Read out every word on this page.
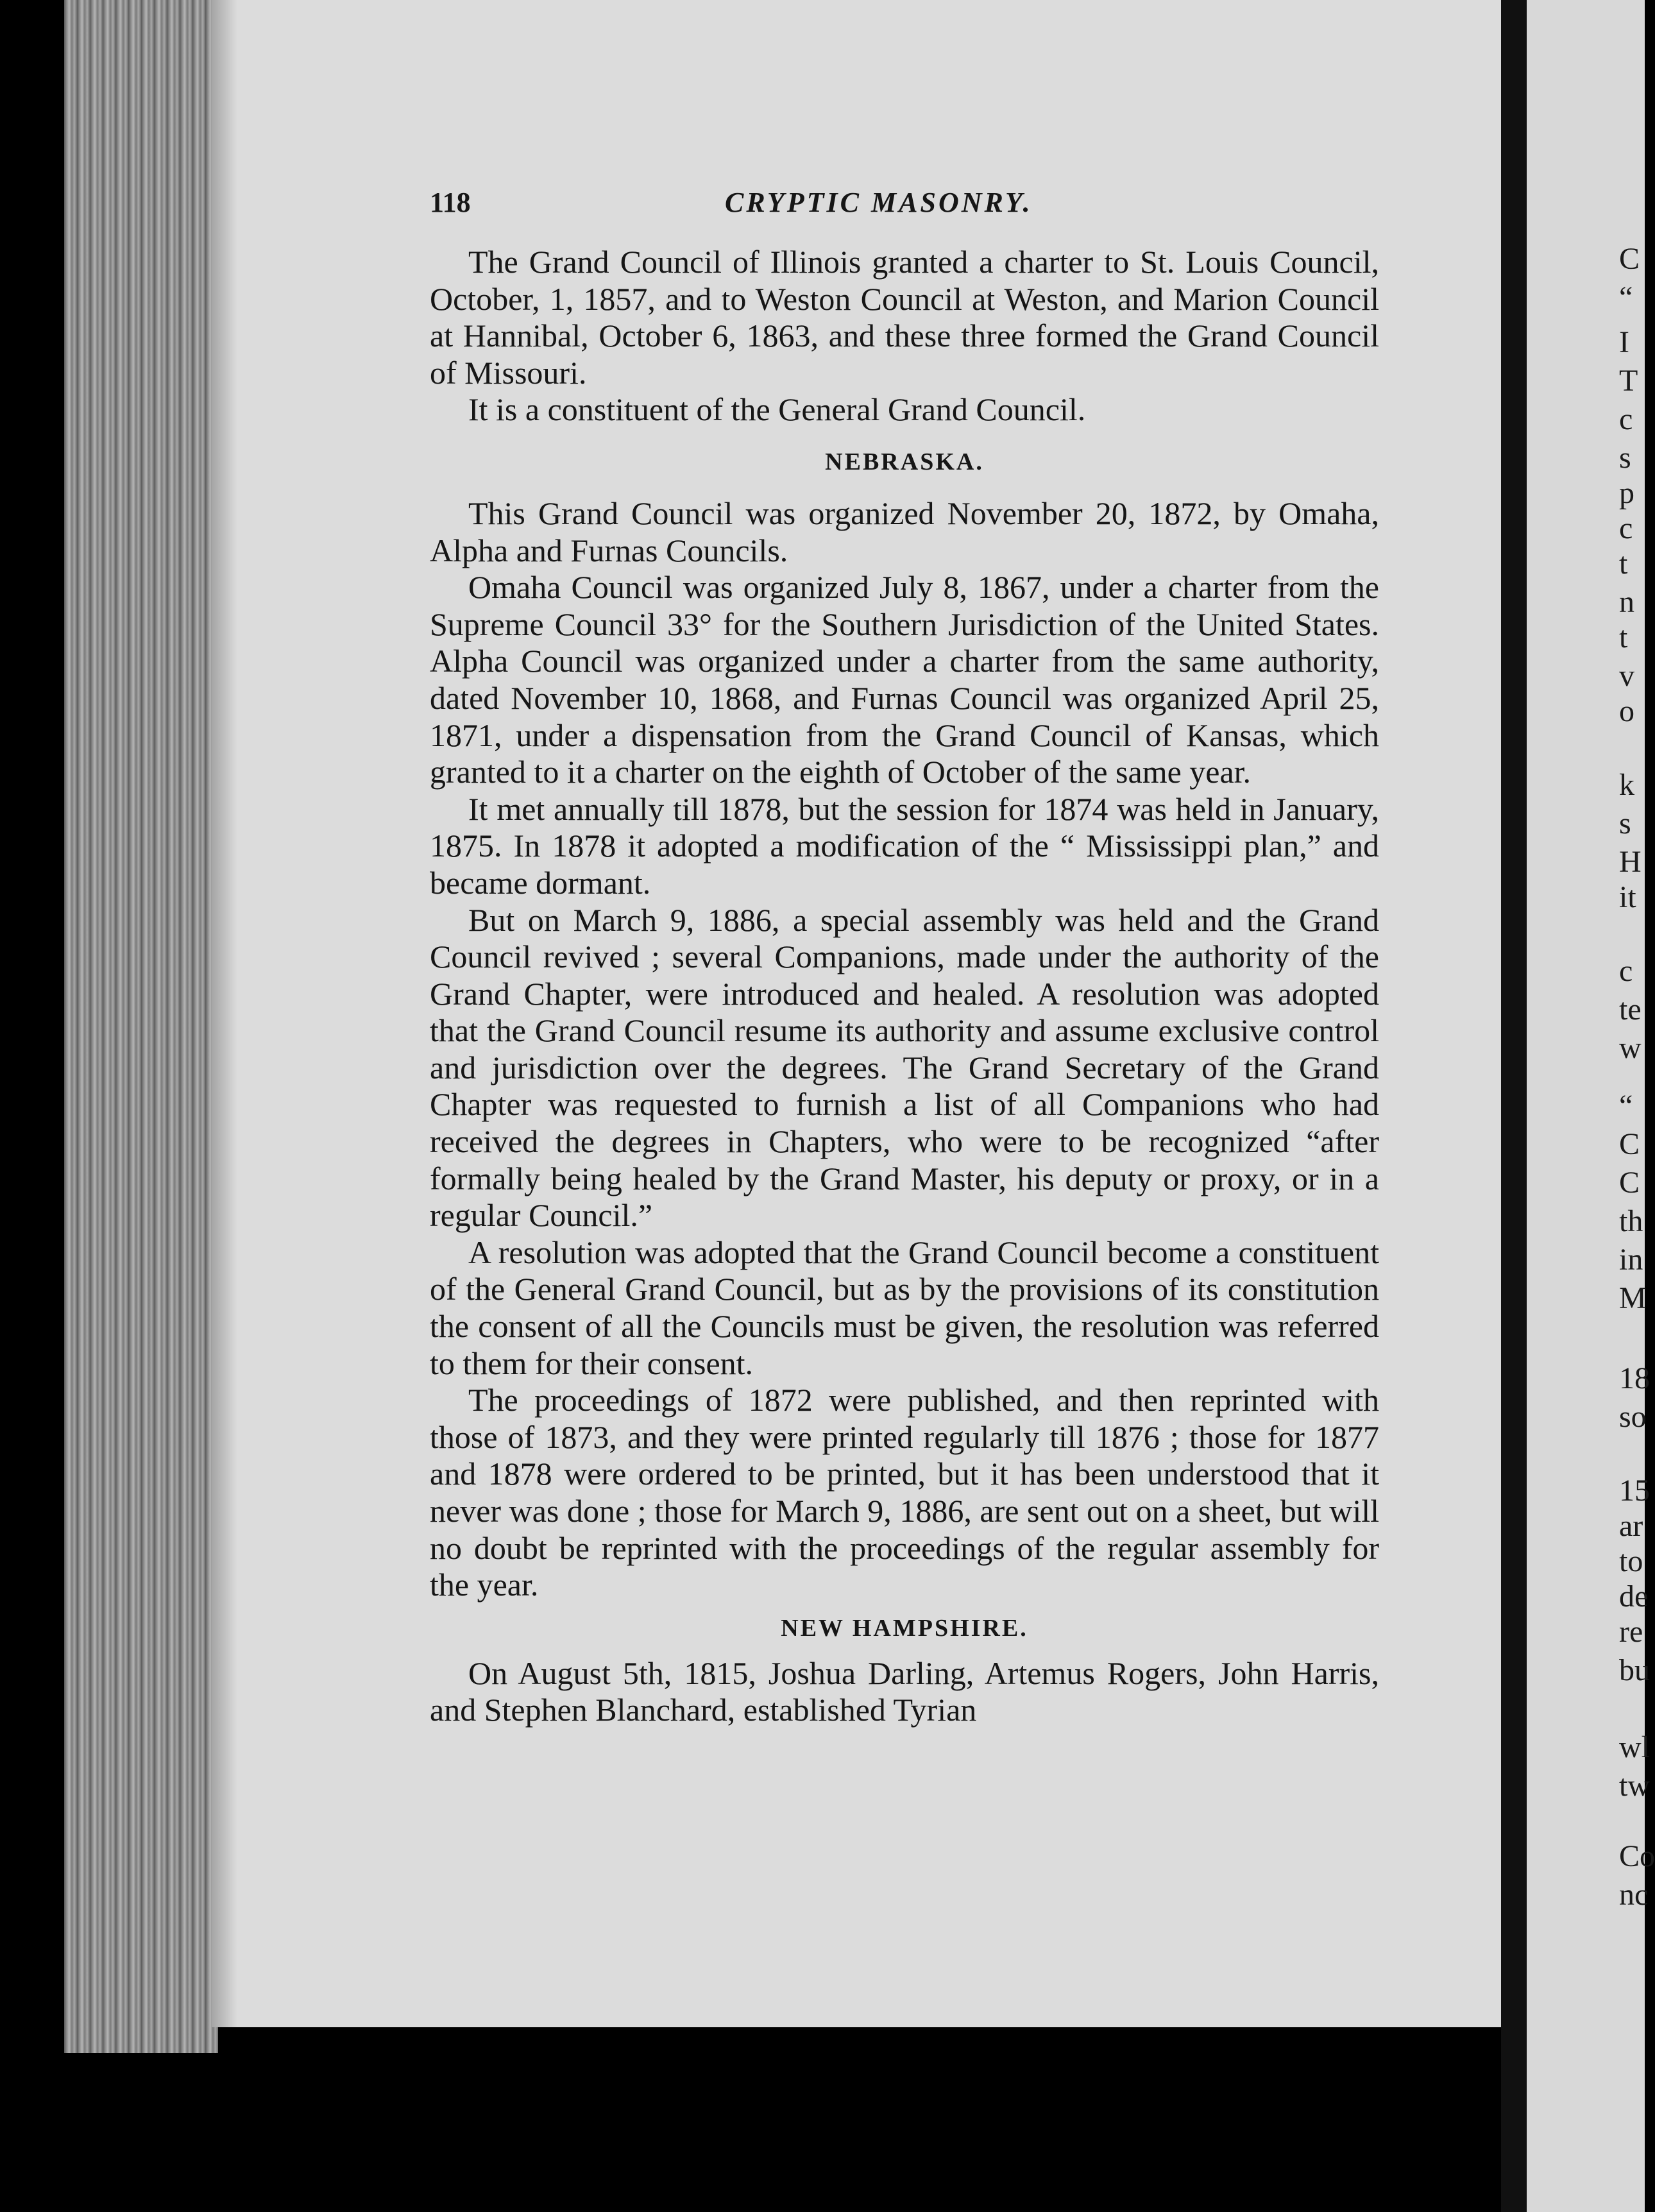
118	CRYPTIC MASONRY.

The Grand Council of Illinois granted a charter to St. Louis Council, October, 1, 1857, and to Weston Council at Weston, and Marion Council at Hannibal, October 6, 1863, and these three formed the Grand Council of Missouri.

It is a constituent of the General Grand Council.

NEBRASKA.

This Grand Council was organized November 20, 1872, by Omaha, Alpha and Furnas Councils.

Omaha Council was organized July 8, 1867, under a charter from the Supreme Council 33° for the Southern Jurisdiction of the United States. Alpha Council was organized under a charter from the same authority, dated November 10, 1868, and Furnas Council was organized April 25, 1871, under a dispensation from the Grand Council of Kansas, which granted to it a charter on the eighth of October of the same year.

It met annually till 1878, but the session for 1874 was held in January, 1875. In 1878 it adopted a modification of the “ Mississippi plan,” and became dormant.

But on March 9, 1886, a special assembly was held and the Grand Council revived ; several Companions, made under the authority of the Grand Chapter, were introduced and healed. A resolution was adopted that the Grand Council resume its authority and assume exclusive control and jurisdiction over the degrees. The Grand Secretary of the Grand Chapter was requested to furnish a list of all Companions who had received the degrees in Chapters, who were to be recognized “after formally being healed by the Grand Master, his deputy or proxy, or in a regular Council.”

A resolution was adopted that the Grand Council become a constituent of the General Grand Council, but as by the provisions of its constitution the consent of all the Councils must be given, the resolution was referred to them for their consent.

The proceedings of 1872 were published, and then reprinted with those of 1873, and they were printed regularly till 1876 ; those for 1877 and 1878 were ordered to be printed, but it has been understood that it never was done ; those for March 9, 1886, are sent out on a sheet, but will no doubt be reprinted with the proceedings of the regular assembly for the year.

NEW HAMPSHIRE.

On August 5th, 1815, Joshua Darling, Artemus Rogers, John Harris, and Stephen Blanchard, established Tyrian

C
“
I
T
c
s
p
c
t
n
t
v
o
k
s
H
it
c
te
w
“
C
C
th
in
M
18
so
15
ar
to
de
re
bu
wl
tw
Co
nc
